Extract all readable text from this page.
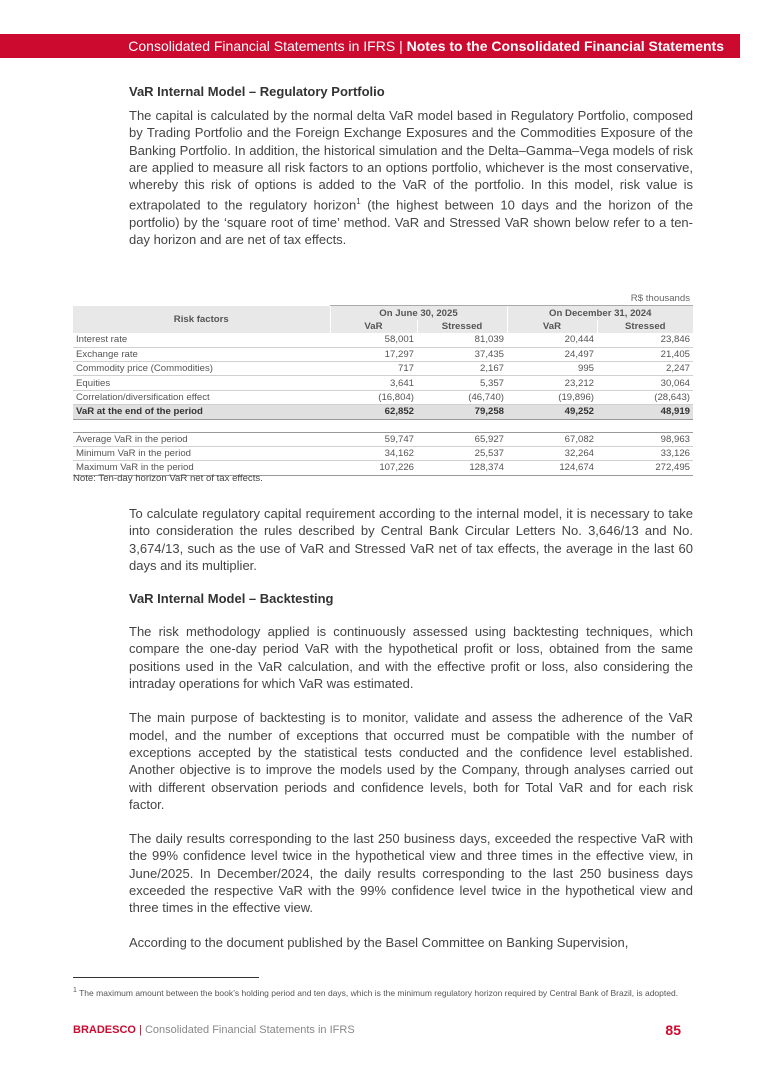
Consolidated Financial Statements in IFRS | Notes to the Consolidated Financial Statements
VaR Internal Model – Regulatory Portfolio

The capital is calculated by the normal delta VaR model based in Regulatory Portfolio, composed by Trading Portfolio and the Foreign Exchange Exposures and the Commodities Exposure of the Banking Portfolio. In addition, the historical simulation and the Delta–Gamma–Vega models of risk are applied to measure all risk factors to an options portfolio, whichever is the most conservative, whereby this risk of options is added to the VaR of the portfolio. In this model, risk value is extrapolated to the regulatory horizon$^1$ (the highest between 10 days and the horizon of the portfolio) by the ‘square root of time’ method. VaR and Stressed VaR shown below refer to a ten-day horizon and are net of tax effects.

	R$ thousands			
Risk factors	On June 30, 2025		On December 31, 2024	
	VaR	Stressed	VaR	Stressed
Interest rate	58,001	81,039	20,444	23,846
Exchange rate	17,297	37,435	24,497	21,405
Commodity price (Commodities)	717	2,167	995	2,247
Equities	3,641	5,357	23,212	30,064
Correlation/diversification effect	(16,804)	(46,740)	(19,896)	(28,643)
VaR at the end of the period	62,852	79,258	49,252	48,919

Average VaR in the period	59,747	65,927	67,082	98,963
Minimum VaR in the period	34,162	25,537	32,264	33,126
Maximum VaR in the period	107,226	128,374	124,674	272,495
Note: Ten-day horizon VaR net of tax effects.

To calculate regulatory capital requirement according to the internal model, it is necessary to take into consideration the rules described by Central Bank Circular Letters No. 3,646/13 and No. 3,674/13, such as the use of VaR and Stressed VaR net of tax effects, the average in the last 60 days and its multiplier.

VaR Internal Model – Backtesting

The risk methodology applied is continuously assessed using backtesting techniques, which compare the one-day period VaR with the hypothetical profit or loss, obtained from the same positions used in the VaR calculation, and with the effective profit or loss, also considering the intraday operations for which VaR was estimated.

The main purpose of backtesting is to monitor, validate and assess the adherence of the VaR model, and the number of exceptions that occurred must be compatible with the number of exceptions accepted by the statistical tests conducted and the confidence level established. Another objective is to improve the models used by the Company, through analyses carried out with different observation periods and confidence levels, both for Total VaR and for each risk factor.

The daily results corresponding to the last 250 business days, exceeded the respective VaR with the 99% confidence level twice in the hypothetical view and three times in the effective view, in June/2025. In December/2024, the daily results corresponding to the last 250 business days exceeded the respective VaR with the 99% confidence level twice in the hypothetical view and three times in the effective view.

According to the document published by the Basel Committee on Banking Supervision,

$^1$ The maximum amount between the book’s holding period and ten days, which is the minimum regulatory horizon required by Central Bank of Brazil, is adopted.
BRADESCO | Consolidated Financial Statements in IFRS	85
